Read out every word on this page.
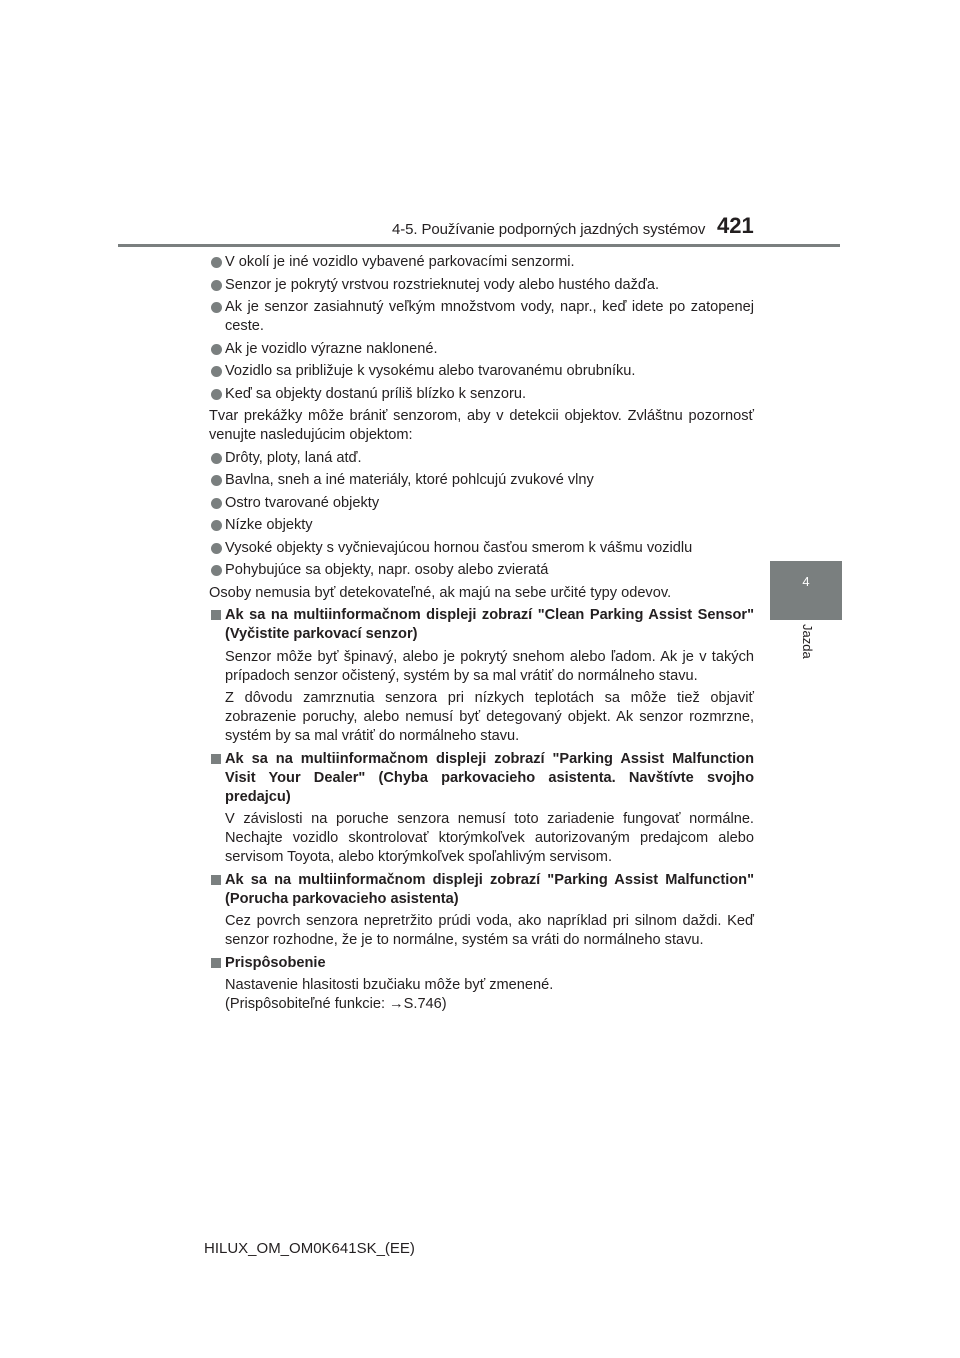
4-5. Používanie podporných jazdných systémov 421
4
Jazda
V okolí je iné vozidlo vybavené parkovacími senzormi.
Senzor je pokrytý vrstvou rozstrieknutej vody alebo hustého dažďa.
Ak je senzor zasiahnutý veľkým množstvom vody, napr., keď idete po zatopenej ceste.
Ak je vozidlo výrazne naklonené.
Vozidlo sa približuje k vysokému alebo tvarovanému obrubníku.
Keď sa objekty dostanú príliš blízko k senzoru.
Tvar prekážky môže brániť senzorom, aby v detekcii objektov. Zvláštnu pozornosť venujte nasledujúcim objektom:
Drôty, ploty, laná atď.
Bavlna, sneh a iné materiály, ktoré pohlcujú zvukové vlny
Ostro tvarované objekty
Nízke objekty
Vysoké objekty s vyčnievajúcou hornou časťou smerom k vášmu vozidlu
Pohybujúce sa objekty, napr. osoby alebo zvieratá
Osoby nemusia byť detekovateľné, ak majú na sebe určité typy odevov.
Ak sa na multiinformačnom displeji zobrazí "Clean Parking Assist Sensor" (Vyčistite parkovací senzor)
Senzor môže byť špinavý, alebo je pokrytý snehom alebo ľadom. Ak je v takých prípadoch senzor očistený, systém by sa mal vrátiť do normálneho stavu.
Z dôvodu zamrznutia senzora pri nízkych teplotách sa môže tiež objaviť zobrazenie poruchy, alebo nemusí byť detegovaný objekt. Ak senzor rozmrzne, systém by sa mal vrátiť do normálneho stavu.
Ak sa na multiinformačnom displeji zobrazí "Parking Assist Malfunction Visit Your Dealer" (Chyba parkovacieho asistenta. Navštívte svojho predajcu)
V závislosti na poruche senzora nemusí toto zariadenie fungovať normálne. Nechajte vozidlo skontrolovať ktorýmkoľvek autorizovaným predajcom alebo servisom Toyota, alebo ktorýmkoľvek spoľahlivým servisom.
Ak sa na multiinformačnom displeji zobrazí "Parking Assist Malfunction" (Porucha parkovacieho asistenta)
Cez povrch senzora nepretržito prúdi voda, ako napríklad pri silnom daždi. Keď senzor rozhodne, že je to normálne, systém sa vráti do normálneho stavu.
Prispôsobenie
Nastavenie hlasitosti bzučiaku môže byť zmenené.
(Prispôsobiteľné funkcie: →S.746)
HILUX_OM_OM0K641SK_(EE)
